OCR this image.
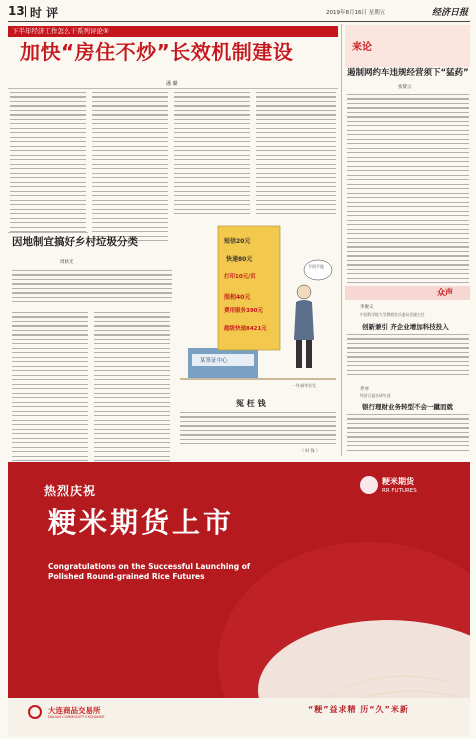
13 时 评	2019年8月16日 星期五	经济日报
下半年经济工作怎么干系列评论⑤
加快“房住不炒”长效机制建设
潘 璐
因地制宜搞好乡村垃圾分类
周狄光
短信20元
快递80元
打印10元/页
照相40元
费用服务390元
超级快递8421元
不用不选
某签证中心
一坪/新华社发
冤 枉 钱
（ 时 锋 ）
来论
遏制网约车违规经营须下“猛药”
张黎云
众声
李俊义
中国科学院大学教授会员委员会副主任
创新兼引 齐企业增加科技投入
乔亦
经济日报社研究部
银行理财业务转型不会一蹴而就
热烈庆祝
粳米期货上市
Congratulations on the Successful Launching of Polished Round-grained Rice Futures
粳米期货
RR FUTURES
大连商品交易所
DALIAN COMMODITY EXCHANGE
“粳”益求精 历“久”米新
